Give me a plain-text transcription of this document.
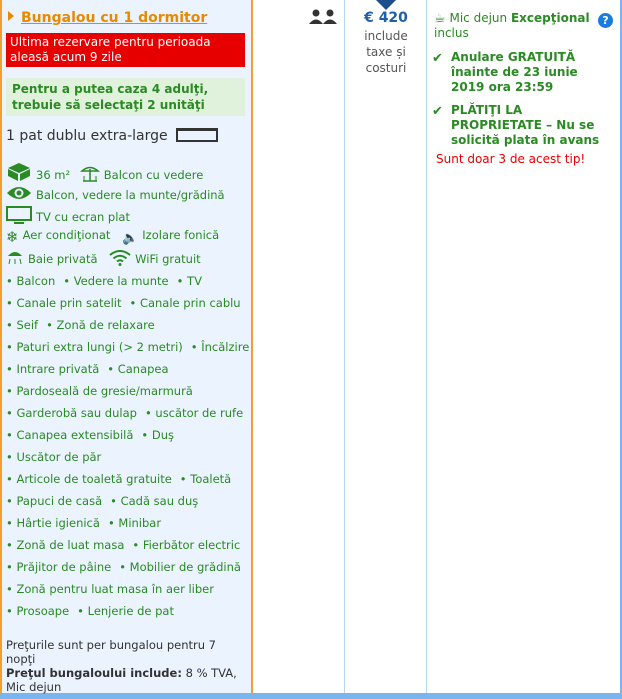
Bungalou cu 1 dormitor
Ultima rezervare pentru perioada aleasă acum 9 zile
Pentru a putea caza 4 adulţi, trebuie să selectaţi 2 unităţi
1 pat dublu extra-large
36 m²	Balcon cu vedere
Balcon, vedere la munte/grădină
TV cu ecran plat
❄ Aer condiţionat 🔈 Izolare fonică
Baie privată	WiFi gratuit
• Balcon • Vedere la munte • TV
• Canale prin satelit • Canale prin cablu
• Seif • Zonă de relaxare
• Paturi extra lungi (> 2 metri) • Încălzire
• Intrare privată • Canapea
• Pardoseală de gresie/marmură
• Garderobă sau dulap • uscător de rufe
• Canapea extensibilă • Duş
• Uscător de păr
• Articole de toaletă gratuite • Toaletă
• Papuci de casă • Cadă sau duş
• Hârtie igienică • Minibar
• Zonă de luat masa • Fierbător electric
• Prăjitor de pâine • Mobilier de grădină
• Zonă pentru luat masa în aer liber
• Prosoape • Lenjerie de pat
Preţurile sunt per bungalou pentru 7 nopţi
Preţul bungaloului include: 8 % TVA, Mic dejun
€ 420
include
taxe și
costuri
☕ Mic dejun Excepţional
inclus
?
✔ Anulare GRATUITĂ
înainte de 23 iunie
2019 ora 23:59
✔ PLĂTIŢI LA
PROPRIETATE – Nu se
solicită plata în avans
Sunt doar 3 de acest tip!
